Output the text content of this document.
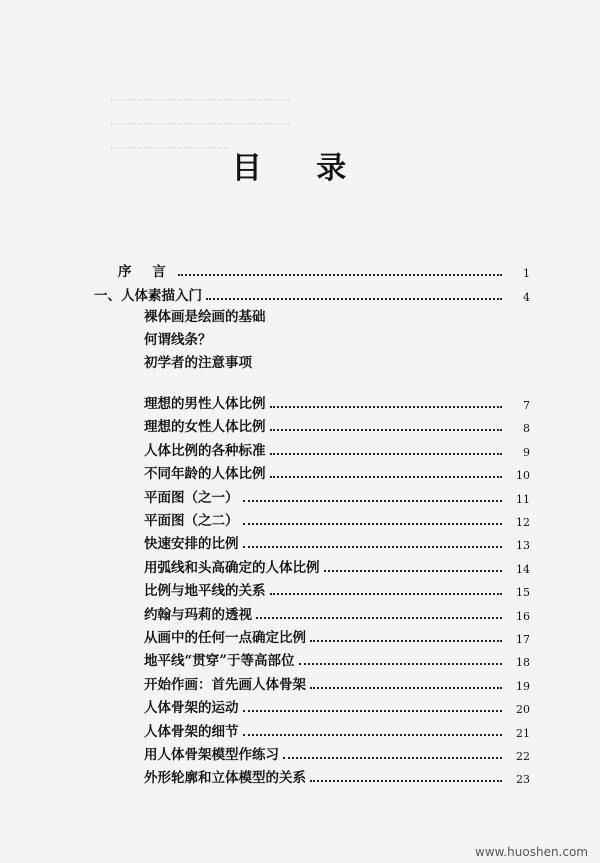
………………………………………………
………………………………………………
………………………………
目 录
序 言	1
一、人体素描入门	4
裸体画是绘画的基础
何谓线条？
初学者的注意事项
理想的男性人体比例	7
理想的女性人体比例	8
人体比例的各种标准	9
不同年龄的人体比例	10
平面图（之一）	11
平面图（之二）	12
快速安排的比例	13
用弧线和头高确定的人体比例	14
比例与地平线的关系	15
约翰与玛莉的透视	16
从画中的任何一点确定比例	17
地平线“贯穿”于等高部位	18
开始作画：首先画人体骨架	19
人体骨架的运动	20
人体骨架的细节	21
用人体骨架模型作练习	22
外形轮廓和立体模型的关系	23
www.huoshen.com
